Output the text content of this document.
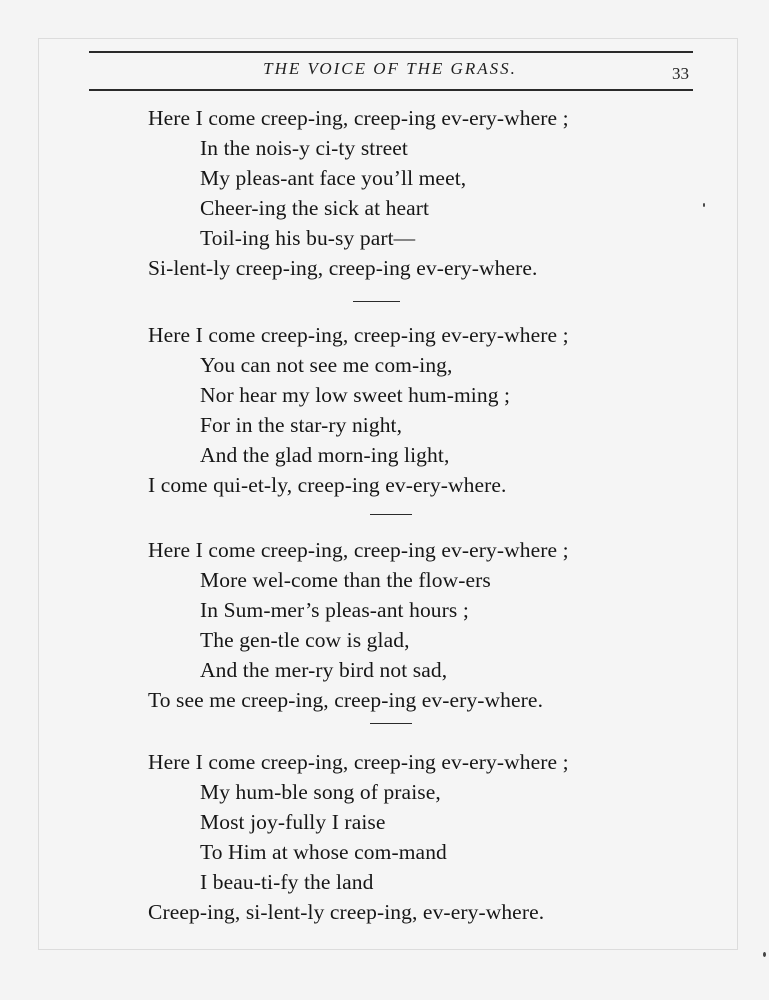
THE VOICE OF THE GRASS.	33
Here I come creep-ing, creep-ing ev-ery-where ;
In the nois-y ci-ty street
My pleas-ant face you’ll meet,
Cheer-ing the sick at heart
Toil-ing his bu-sy part—
Si-lent-ly creep-ing, creep-ing ev-ery-where.
Here I come creep-ing, creep-ing ev-ery-where ;
You can not see me com-ing,
Nor hear my low sweet hum-ming ;
For in the star-ry night,
And the glad morn-ing light,
I come qui-et-ly, creep-ing ev-ery-where.
Here I come creep-ing, creep-ing ev-ery-where ;
More wel-come than the flow-ers
In Sum-mer’s pleas-ant hours ;
The gen-tle cow is glad,
And the mer-ry bird not sad,
To see me creep-ing, creep-ing ev-ery-where.
Here I come creep-ing, creep-ing ev-ery-where ;
My hum-ble song of praise,
Most joy-fully I raise
To Him at whose com-mand
I beau-ti-fy the land
Creep-ing, si-lent-ly creep-ing, ev-ery-where.
